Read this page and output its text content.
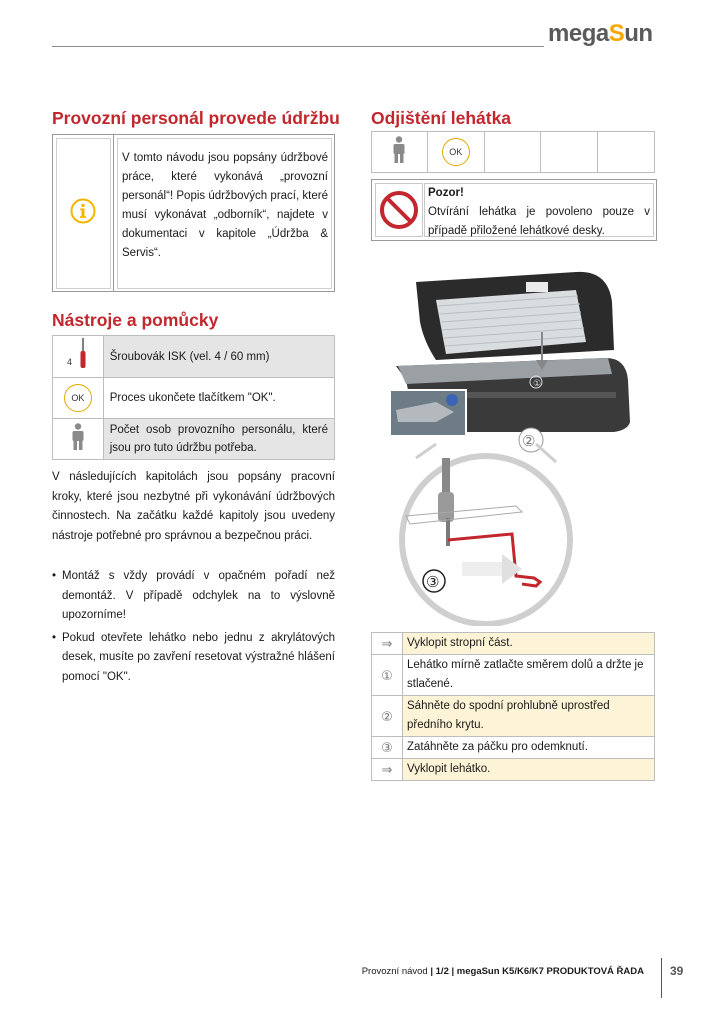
megaSun
Provozní personál provede údržbu
	V tomto návodu jsou popsány údržbové práce, které vykonává „provozní personál“! Popis údržbových prací, které musí vykonávat „odborník“, najdete v dokumentaci v kapitole „Údržba & Servis“.
Nástroje a pomůcky
4	Šroubovák ISK (vel. 4 / 60 mm)
OK	Proces ukončete tlačítkem "OK".
	Počet osob provozního personálu, které jsou pro tuto údržbu potřeba.
V následujících kapitolách jsou popsány pracovní kroky, které jsou nezbytné při vykonávání údržbových činnostech. Na začátku každé kapitoly jsou uvedeny nástroje potřebné pro správnou a bezpečnou práci.
• Montáž s vždy provádí v opačném pořadí než demontáž. V případě odchylek na to výslovně upozorníme!
• Pokud otevřete lehátko nebo jednu z akrylátových desek, musíte po zavření resetovat výstražné hlášení pomocí "OK".
Odjištění lehátka
	OK			
Pozor!
Otvírání lehátka je povoleno pouze v případě přiložené lehátkové desky.
①
②
③
⇒	Vyklopit stropní část.
①	Lehátko mírně zatlačte směrem dolů a držte je stlačené.
②	Sáhněte do spodní prohlubně uprostřed předního krytu.
③	Zatáhněte za páčku pro odemknutí.
⇒	Vyklopit lehátko.
Provozní návod | 1/2 | megaSun K5/K6/K7 PRODUKTOVÁ ŘADA 39
